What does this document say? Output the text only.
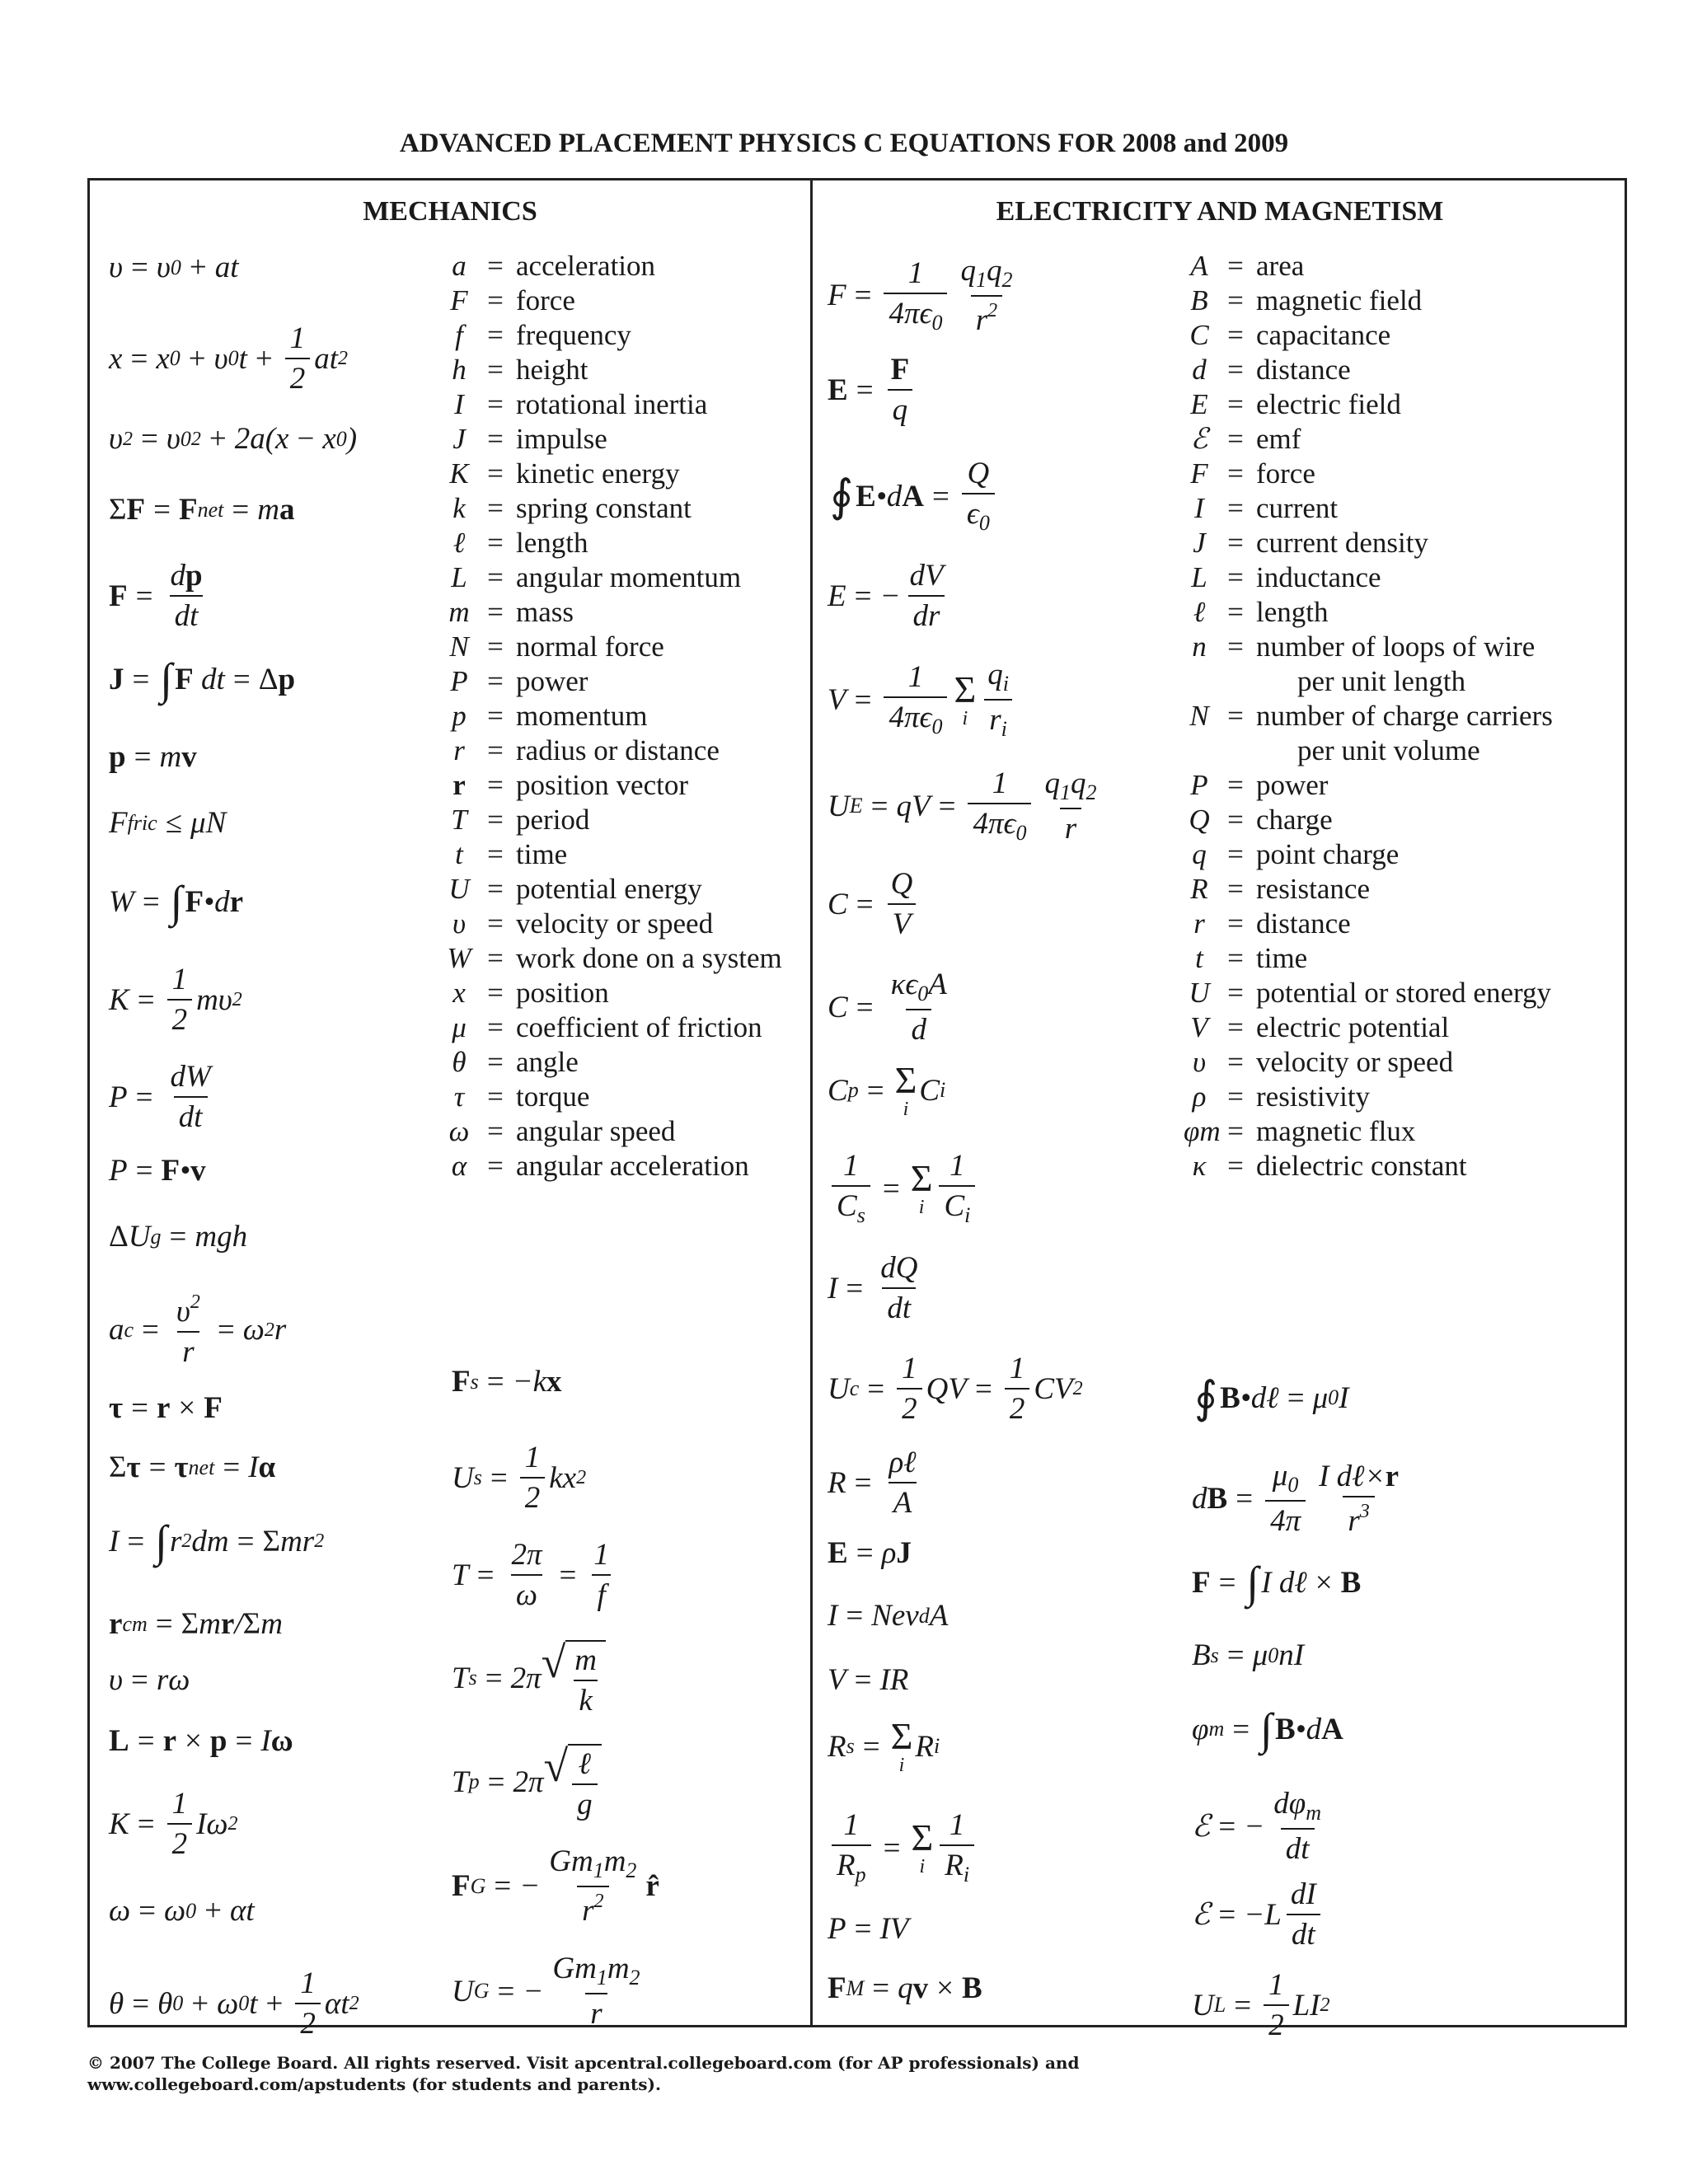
ADVANCED PLACEMENT PHYSICS C EQUATIONS FOR 2008 and 2009
MECHANICS	ELECTRICITY AND MAGNETISM
υ = υ 0 + at
x = x 0 + υ 0 $t + \frac{1}{2}$ at 2
υ 2 = υ 0 2 + 2a(x − x 0 )
Σ F = F net = m a
$F = \frac{dp}{dt}$
J = ∫ F dt = Δ p
p = m v
F fric ≤ μN
W = ∫ F •d r
$K = \frac{1}{2}$ mυ 2
$P = \frac{dW}{dt}$
P = F • v
Δ U g = mgh
a $c = \frac{\upsilon^2}{r} = \omega$ 2 r
τ = r × F
Σ τ = τ net = I α
I = ∫ r 2 dm = Σ mr 2
r cm = Σ m r / Σ m
υ = rω
L = r × p = I ω
$K = \frac{1}{2}$ Iω 2
ω = ω 0 + αt
θ = θ 0 + ω 0 $t + \frac{1}{2}$ αt 2
F s = −k x
U $s = \frac{1}{2}$ kx 2
$T = \frac{2\pi}{\omega} = \frac{1}{f}$
T s = 2π √ $\frac{m}{k}$
T p = 2π √ $\frac{\text{ℓ}}{g}$
F G = − $\frac{Gm_1m_2}{r^2}$ r̂
U G = − $\frac{Gm_1m_2}{r}$
a = acceleration
F = force
f = frequency
h = height
I = rotational inertia
J = impulse
K = kinetic energy
k = spring constant
ℓ = length
L = angular momentum
m = mass
N = normal force
P = power
p = momentum
r = radius or distance
r = position vector
T = period
t = time
U = potential energy
υ = velocity or speed
W = work done on a system
x = position
μ = coefficient of friction
θ = angle
τ = torque
ω = angular speed
α = angular acceleration
$F = \frac{1}{4\pi\epsilon_0} \frac{q_1q_2}{r^2}$
$E = \frac{F}{q}$
∮ E •d $A = \frac{Q}{\epsilon_0}$
E = − $\frac{dV}{dr}$
$V = \frac{1}{4\pi\epsilon_0}$ Σ
i $\frac{q_i}{r_i}$
U E = qV = $\frac{1}{4\pi\epsilon_0} \frac{q_1q_2}{r}$
$C = \frac{Q}{V}$
$C = \frac{\kappa\epsilon_0A}{d}$
C p = Σ
i
C i
$\frac{1}{C_s} = \Sigma$
i $\frac{1}{C_i}$
$I = \frac{dQ}{dt}$
U $c = \frac{1}{2}$ QV = $\frac{1}{2}$ CV 2
$R = \frac{\text{ρℓ}}{A}$
E = ρ J
I = Nev d A
V = IR
R s = Σ
i
R i
$\frac{1}{R_p} = \Sigma$
i $\frac{1}{R_i}$
P = IV
F M = q v × B
∮ B •dℓ = μ 0 I
d $B = \frac{\mu_0}{4\pi} \frac{\text{I dℓ×r}}{r^3}$
F = ∫ I dℓ × B
B s = μ 0 nI
φ m = ∫ B •d A
ℰ = − $\frac{d\varphi_m}{dt}$
ℰ = $-L \frac{dI}{dt}$
U $L = \frac{1}{2}$ LI 2
A = area
B = magnetic field
C = capacitance
d = distance
E = electric field
ℰ = emf
F = force
I = current
J = current density
L = inductance
ℓ = length
n = number of loops of wire
per unit length
N = number of charge carriers
per unit volume
P = power
Q = charge
q = point charge
R = resistance
r = distance
t = time
U = potential or stored energy
V = electric potential
υ = velocity or speed
ρ = resistivity
φm = magnetic flux
κ = dielectric constant
© 2007 The College Board. All rights reserved. Visit apcentral.collegeboard.com (for AP professionals) and
www.collegeboard.com/apstudents (for students and parents).
